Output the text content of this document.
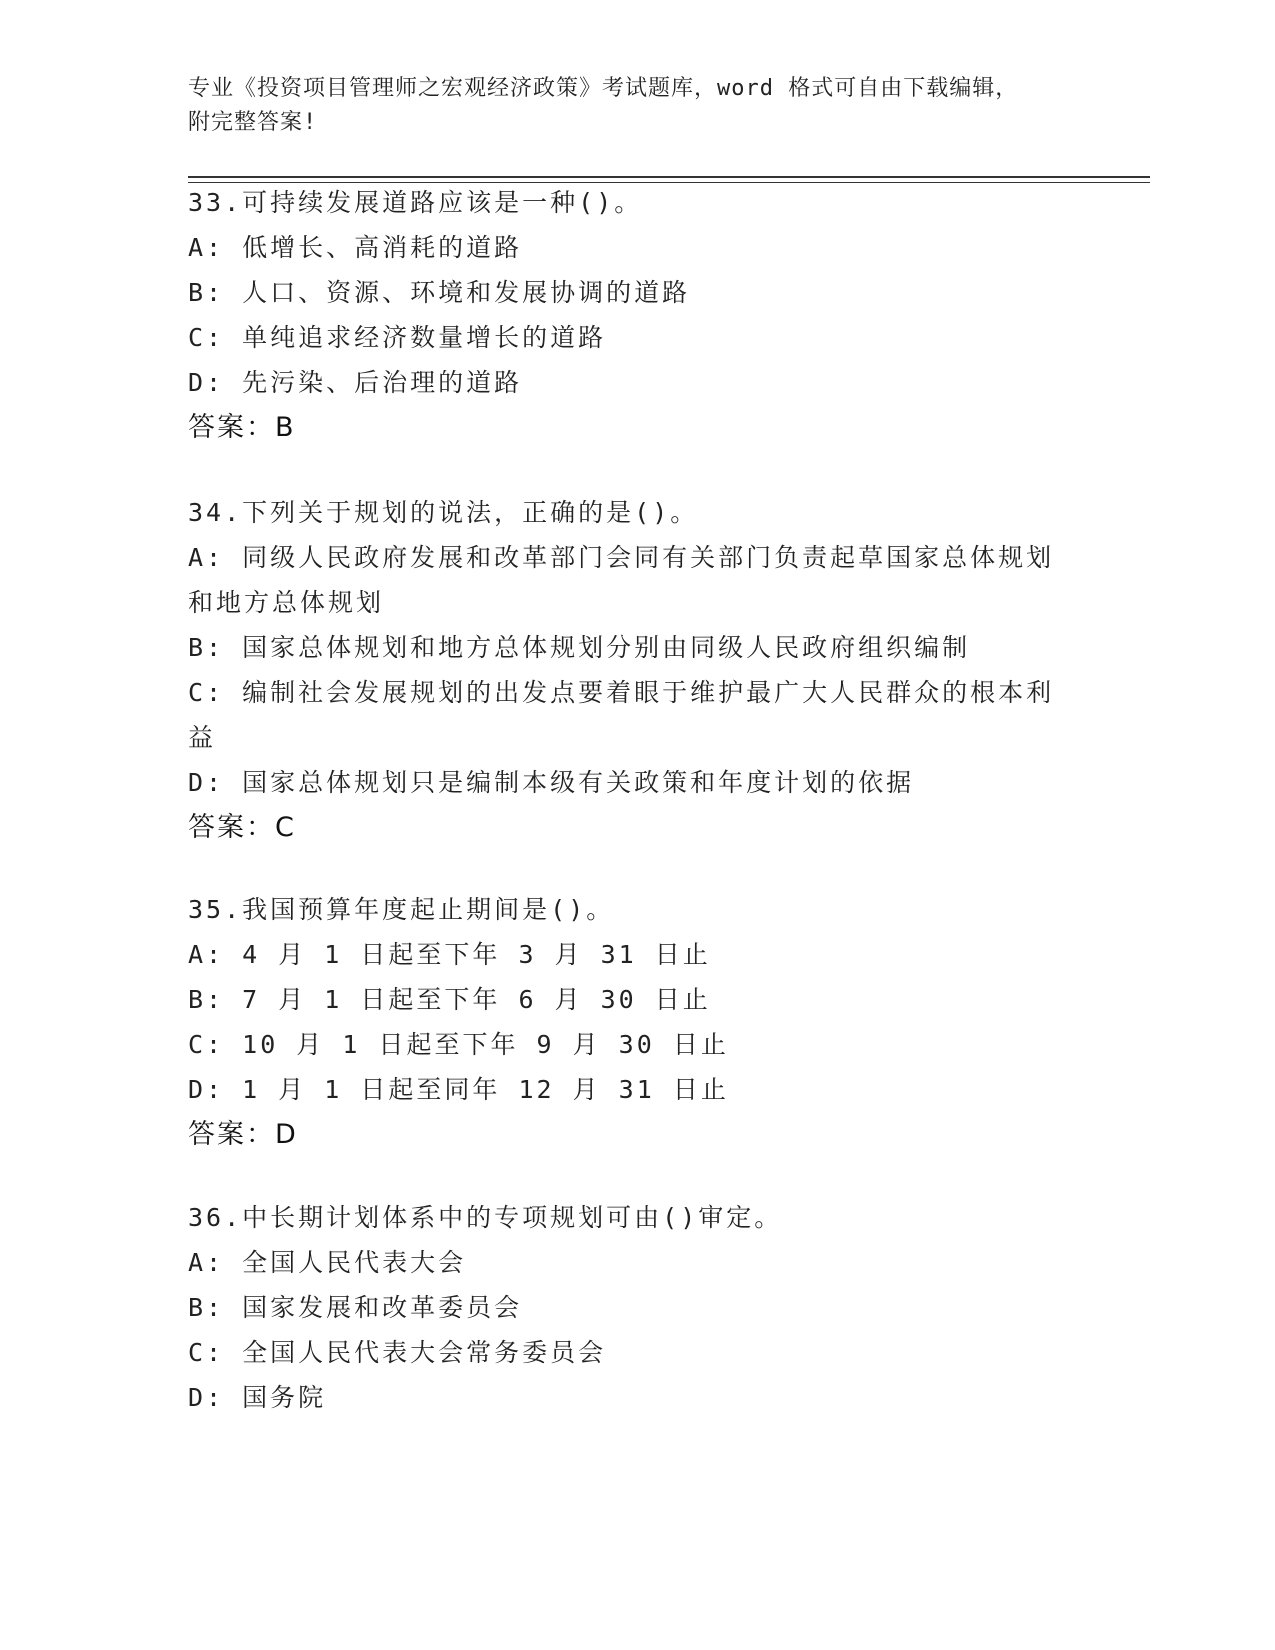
专业《投资项目管理师之宏观经济政策》考试题库，word 格式可自由下载编辑，
附完整答案!
33.可持续发展道路应该是一种()。
A: 低增长、高消耗的道路
B: 人口、资源、环境和发展协调的道路
C: 单纯追求经济数量增长的道路
D: 先污染、后治理的道路
答案：B
34.下列关于规划的说法，正确的是()。
A: 同级人民政府发展和改革部门会同有关部门负责起草国家总体规划和地方总体规划
B: 国家总体规划和地方总体规划分别由同级人民政府组织编制
C: 编制社会发展规划的出发点要着眼于维护最广大人民群众的根本利益
D: 国家总体规划只是编制本级有关政策和年度计划的依据
答案：C
35.我国预算年度起止期间是()。
A: 4 月 1 日起至下年 3 月 31 日止
B: 7 月 1 日起至下年 6 月 30 日止
C: 10 月 1 日起至下年 9 月 30 日止
D: 1 月 1 日起至同年 12 月 31 日止
答案：D
36.中长期计划体系中的专项规划可由()审定。
A: 全国人民代表大会
B: 国家发展和改革委员会
C: 全国人民代表大会常务委员会
D: 国务院
